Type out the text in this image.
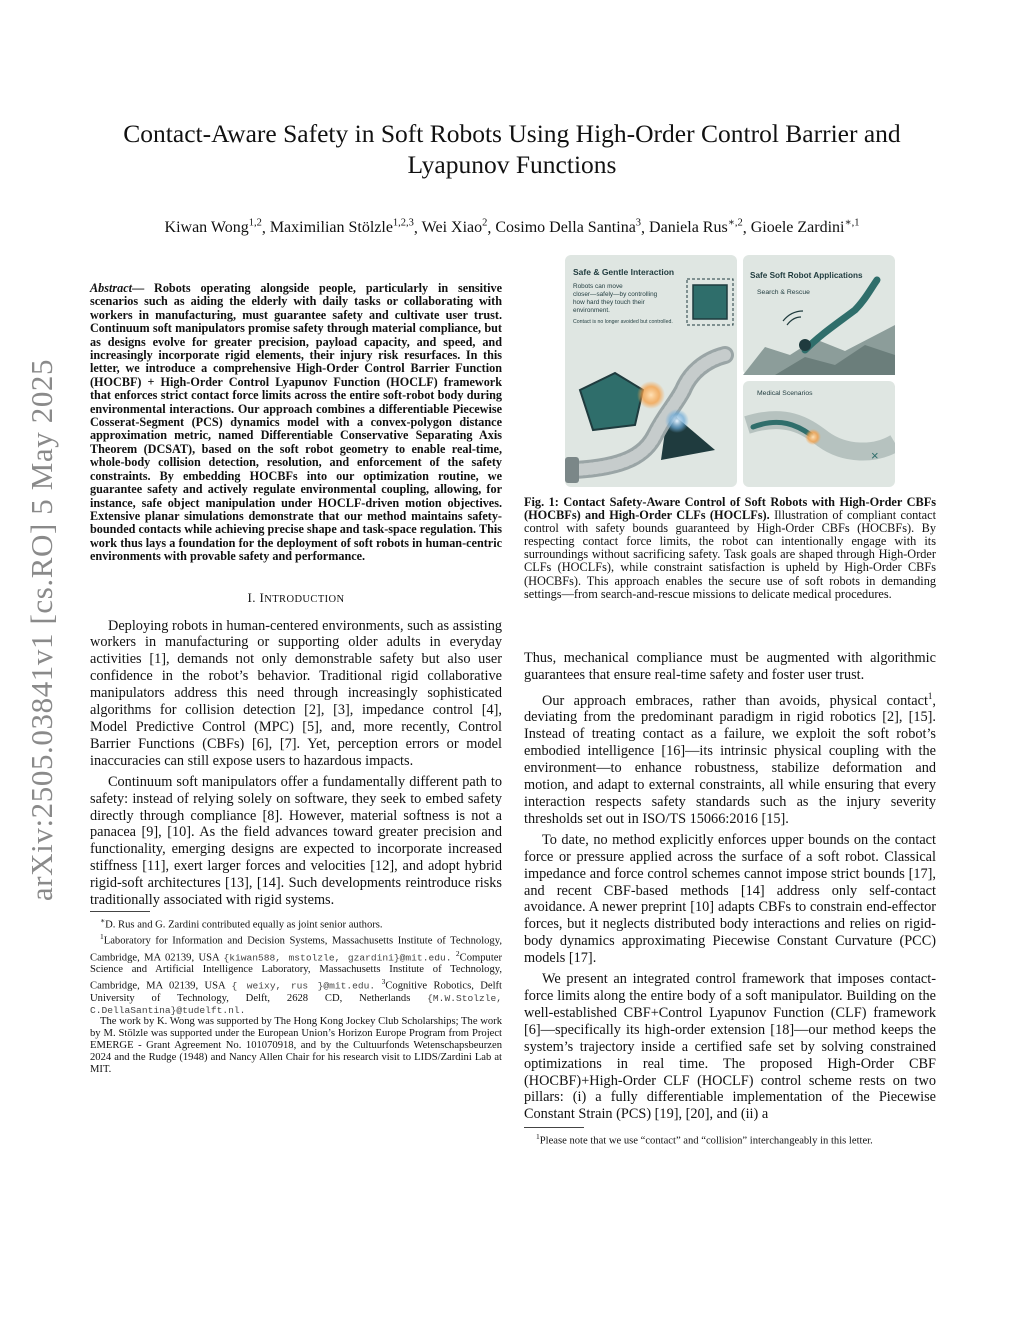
arXiv:2505.03841v1 [cs.RO] 5 May 2025
Contact-Aware Safety in Soft Robots Using High-Order Control Barrier and
Lyapunov Functions
Kiwan Wong$^{1,2}$, Maximilian Stölzle$^{1,2,3}$, Wei Xiao$^2$, Cosimo Della Santina$^3$, Daniela Rus$^{∗,2}$, Gioele Zardini$^{∗,1}$

Abstract— Robots operating alongside people, particularly in sensitive scenarios such as aiding the elderly with daily tasks or collaborating with workers in manufacturing, must guarantee safety and cultivate user trust. Continuum soft manipulators promise safety through material compliance, but as designs evolve for greater precision, payload capacity, and speed, and increasingly incorporate rigid elements, their injury risk resurfaces. In this letter, we introduce a comprehensive High-Order Control Barrier Function (HOCBF) + High-Order Control Lyapunov Function (HOCLF) framework that enforces strict contact force limits across the entire soft-robot body during environmental interactions. Our approach combines a differentiable Piecewise Cosserat-Segment (PCS) dynamics model with a convex-polygon distance approximation metric, named Differentiable Conservative Separating Axis Theorem (DCSAT), based on the soft robot geometry to enable real-time, whole-body collision detection, resolution, and enforcement of the safety constraints. By embedding HOCBFs into our optimization routine, we guarantee safety and actively regulate environmental coupling, allowing, for instance, safe object manipulation under HOCLF-driven motion objectives. Extensive planar simulations demonstrate that our method maintains safety-bounded contacts while achieving precise shape and task-space regulation. This work thus lays a foundation for the deployment of soft robots in human-centric environments with provable safety and performance.

I. INTRODUCTION

Deploying robots in human-centered environments, such as assisting workers in manufacturing or supporting older adults in everyday activities [1], demands not only demonstrable safety but also user confidence in the robot’s behavior. Traditional rigid collaborative manipulators address this need through increasingly sophisticated algorithms for collision detection [2], [3], impedance control [4], Model Predictive Control (MPC) [5], and, more recently, Control Barrier Functions (CBFs) [6], [7]. Yet, perception errors or model inaccuracies can still expose users to hazardous impacts.

Continuum soft manipulators offer a fundamentally different path to safety: instead of relying solely on software, they seek to embed safety directly through compliance [8]. However, material softness is not a panacea [9], [10]. As the field advances toward greater precision and functionality, emerging designs are expected to incorporate increased stiffness [11], exert larger forces and velocities [12], and adopt hybrid rigid-soft architectures [13], [14]. Such developments reintroduce risks traditionally associated with rigid systems.

∗D. Rus and G. Zardini contributed equally as joint senior authors.

$^1$Laboratory for Information and Decision Systems, Massachusetts Institute of Technology, Cambridge, MA 02139, USA {kiwan588, mstolzle, gzardini}@mit.edu. $^2$Computer Science and Artificial Intelligence Laboratory, Massachusetts Institute of Technology, Cambridge, MA 02139, USA { weixy, rus }@mit.edu. $^3$Cognitive Robotics, Delft University of Technology, Delft, 2628 CD, Netherlands {M.W.Stolzle, C.DellaSantina}@tudelft.nl.

The work by K. Wong was supported by The Hong Kong Jockey Club Scholarships; The work by M. Stölzle was supported under the European Union’s Horizon Europe Program from Project EMERGE - Grant Agreement No. 101070918, and by the Cultuurfonds Wetenschapsbeurzen 2024 and the Rudge (1948) and Nancy Allen Chair for his research visit to LIDS/Zardini Lab at MIT.

Safe & Gentle Interaction
Robots can move
closer—safely—by controlling
how hard they touch their
environment.
Contact is no longer avoided but controlled.
Safe Soft Robot Applications
Search & Rescue
Medical Scenarios
×

Fig. 1: Contact Safety-Aware Control of Soft Robots with High-Order CBFs (HOCBFs) and High-Order CLFs (HOCLFs). Illustration of compliant contact control with safety bounds guaranteed by High-Order CBFs (HOCBFs). By respecting contact force limits, the robot can intentionally engage with its surroundings without sacrificing safety. Task goals are shaped through High-Order CLFs (HOCLFs), while constraint satisfaction is upheld by High-Order CBFs (HOCBFs). This approach enables the secure use of soft robots in demanding settings—from search-and-rescue missions to delicate medical procedures.

Thus, mechanical compliance must be augmented with algorithmic guarantees that ensure real-time safety and foster user trust.

Our approach embraces, rather than avoids, physical contact$^1$, deviating from the predominant paradigm in rigid robotics [2], [15]. Instead of treating contact as a failure, we exploit the soft robot’s embodied intelligence [16]—its intrinsic physical coupling with the environment—to enhance robustness, stabilize deformation and motion, and adapt to external constraints, all while ensuring that every interaction respects safety standards such as the injury severity thresholds set out in ISO/TS 15066:2016 [15].

To date, no method explicitly enforces upper bounds on the contact force or pressure applied across the surface of a soft robot. Classical impedance and force control schemes cannot impose strict bounds [17], and recent CBF-based methods [14] address only self-contact avoidance. A newer preprint [10] adapts CBFs to constrain end-effector forces, but it neglects distributed body interactions and relies on rigid-body dynamics approximating Piecewise Constant Curvature (PCC) models [17].

We present an integrated control framework that imposes contact-force limits along the entire body of a soft manipulator. Building on the well-established CBF+Control Lyapunov Function (CLF) framework [6]—specifically its high-order extension [18]—our method keeps the system’s trajectory inside a certified safe set by solving constrained optimizations in real time. The proposed High-Order CBF (HOCBF)+High-Order CLF (HOCLF) control scheme rests on two pillars: (i) a fully differentiable implementation of the Piecewise Constant Strain (PCS) [19], [20], and (ii) a

$^1$Please note that we use “contact” and “collision” interchangeably in this letter.
